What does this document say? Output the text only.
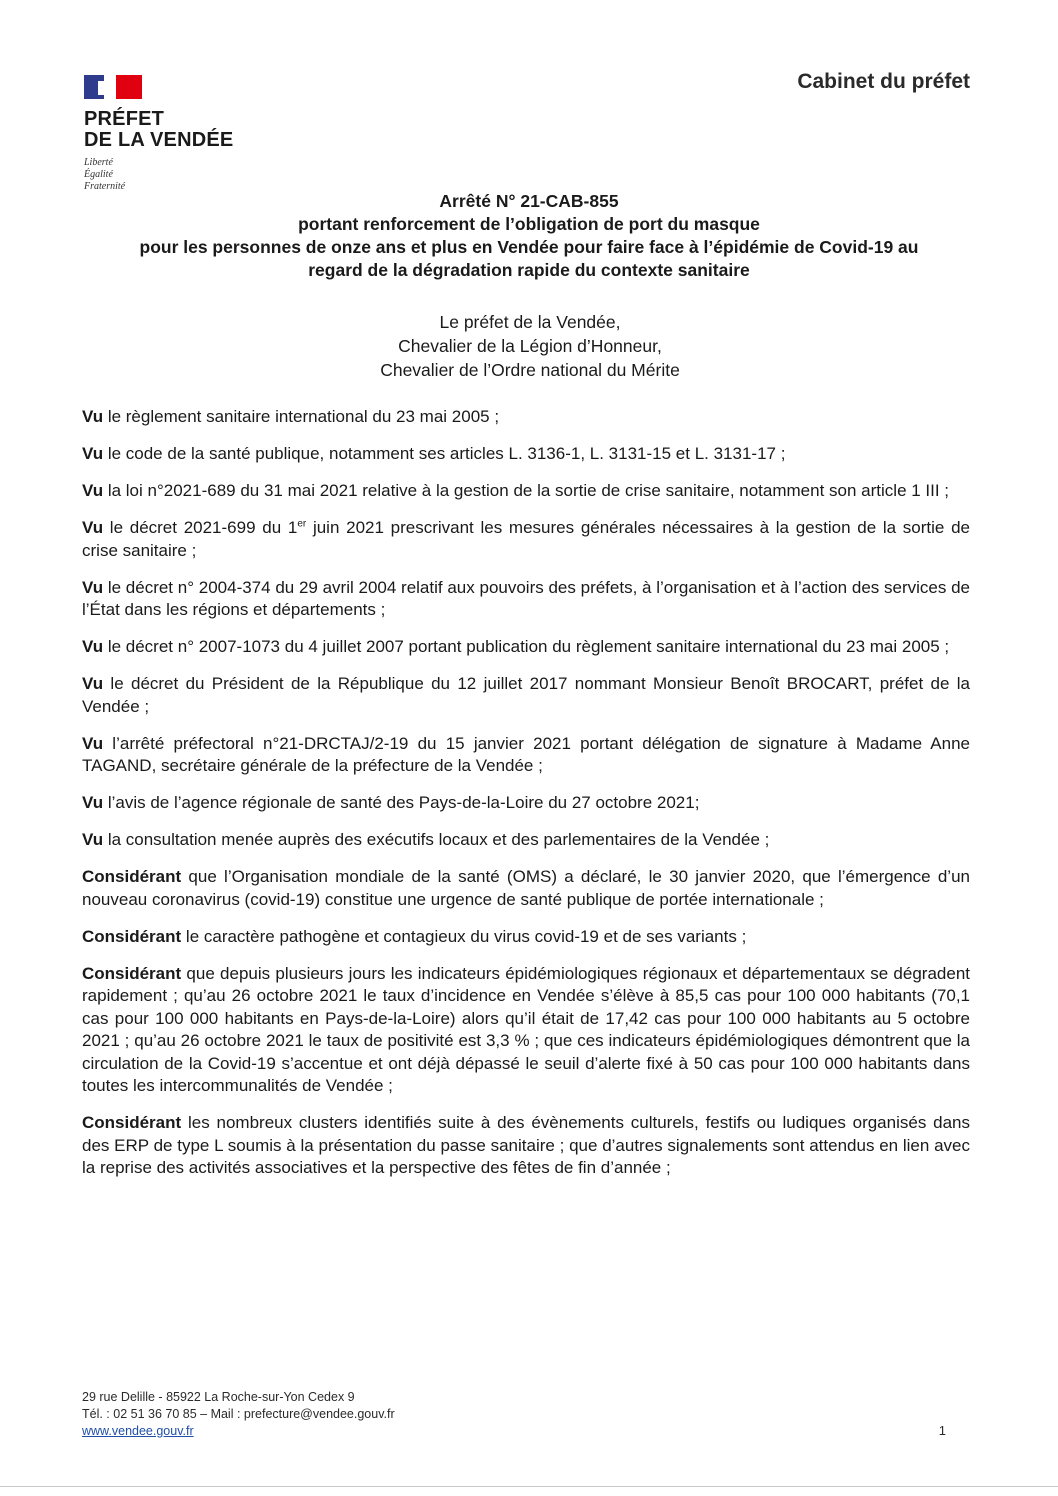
PRÉFET
DE LA VENDÉE
Liberté
Égalité
Fraternité
Cabinet du préfet
Arrêté N° 21-CAB-855
portant renforcement de l’obligation de port du masque
pour les personnes de onze ans et plus en Vendée pour faire face à l’épidémie de Covid-19 au
regard de la dégradation rapide du contexte sanitaire
Le préfet de la Vendée,
Chevalier de la Légion d’Honneur,
Chevalier de l’Ordre national du Mérite

Vu le règlement sanitaire international du 23 mai 2005 ;

Vu le code de la santé publique, notamment ses articles L. 3136-1, L. 3131-15 et L. 3131-17 ;

Vu la loi n°2021-689 du 31 mai 2021 relative à la gestion de la sortie de crise sanitaire, notamment son article 1 III ;

Vu le décret 2021-699 du 1er juin 2021 prescrivant les mesures générales nécessaires à la gestion de la sortie de crise sanitaire ;

Vu le décret n° 2004-374 du 29 avril 2004 relatif aux pouvoirs des préfets, à l’organisation et à l’action des services de l’État dans les régions et départements ;

Vu le décret n° 2007-1073 du 4 juillet 2007 portant publication du règlement sanitaire international du 23 mai 2005 ;

Vu le décret du Président de la République du 12 juillet 2017 nommant Monsieur Benoît BROCART, préfet de la Vendée ;

Vu l’arrêté préfectoral n°21-DRCTAJ/2-19 du 15 janvier 2021 portant délégation de signature à Madame Anne TAGAND, secrétaire générale de la préfecture de la Vendée ;

Vu l’avis de l’agence régionale de santé des Pays-de-la-Loire du 27 octobre 2021;

Vu la consultation menée auprès des exécutifs locaux et des parlementaires de la Vendée ;

Considérant que l’Organisation mondiale de la santé (OMS) a déclaré, le 30 janvier 2020, que l’émergence d’un nouveau coronavirus (covid-19) constitue une urgence de santé publique de portée internationale ;

Considérant le caractère pathogène et contagieux du virus covid-19 et de ses variants ;

Considérant que depuis plusieurs jours les indicateurs épidémiologiques régionaux et départementaux se dégradent rapidement ; qu’au 26 octobre 2021 le taux d’incidence en Vendée s’élève à 85,5 cas pour 100 000 habitants (70,1 cas pour 100 000 habitants en Pays-de-la-Loire) alors qu’il était de 17,42 cas pour 100 000 habitants au 5 octobre 2021 ; qu’au 26 octobre 2021 le taux de positivité est 3,3 % ; que ces indicateurs épidémiologiques démontrent que la circulation de la Covid-19 s’accentue et ont déjà dépassé le seuil d’alerte fixé à 50 cas pour 100 000 habitants dans toutes les intercommunalités de Vendée ;

Considérant les nombreux clusters identifiés suite à des évènements culturels, festifs ou ludiques organisés dans des ERP de type L soumis à la présentation du passe sanitaire ; que d’autres signalements sont attendus en lien avec la reprise des activités associatives et la perspective des fêtes de fin d’année ;

29 rue Delille - 85922 La Roche-sur-Yon Cedex 9
Tél. : 02 51 36 70 85 – Mail : prefecture@vendee.gouv.fr
www.vendee.gouv.fr	1
